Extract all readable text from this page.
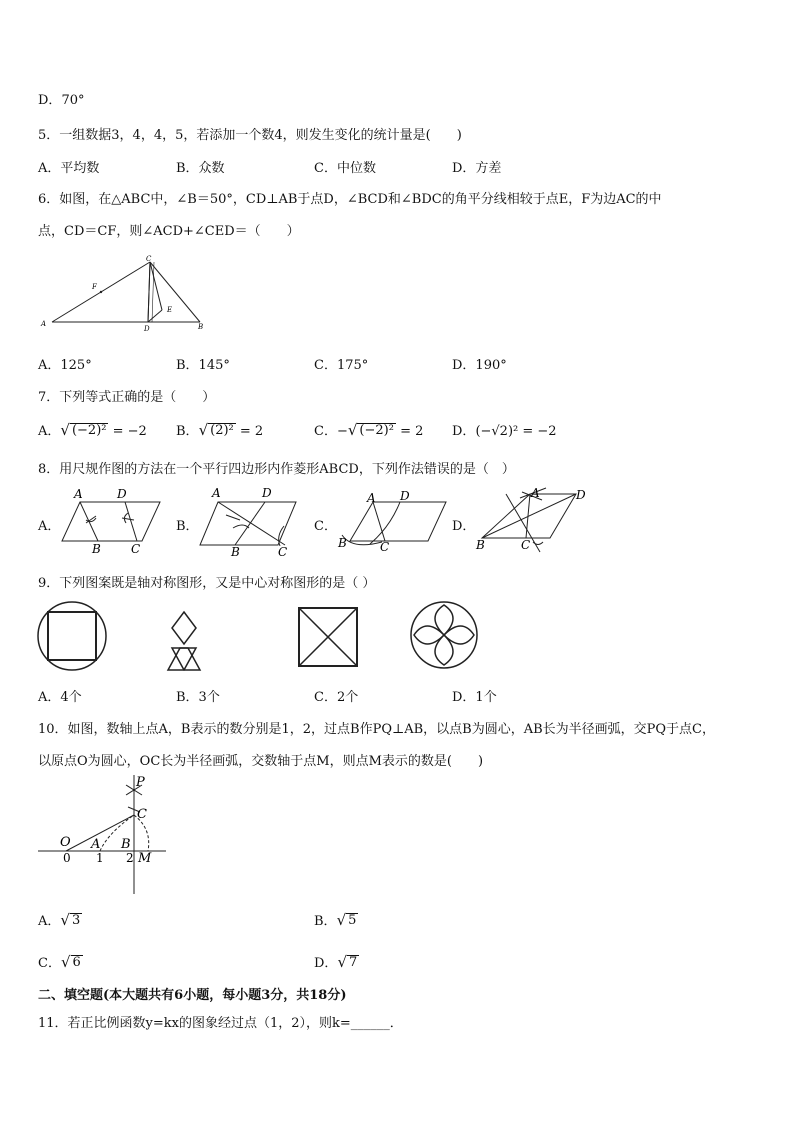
D．70°
5．一组数据3，4，4，5，若添加一个数4，则发生变化的统计量是(　　)
A．平均数	B．众数	C．中位数	D．方差
6．如图，在△ABC中，∠B＝50°，CD⊥AB于点D，∠BCD和∠BDC的角平分线相较于点E，F为边AC的中
点，CD＝CF，则∠ACD+∠CED＝（　　）
C
F
A
D
E
B
A．125°	B．145°	C．175°	D．190°
7．下列等式正确的是（　　）
A． √ (−2)² = −2 B． √ (2)² = 2	C．− √ (−2)² = 2 D．(−√2)² = −2
8．用尺规作图的方法在一个平行四边形内作菱形ABCD，下列作法错误的是（　）
A．	B．	C．	D．
A	D
B	C
A	D
B	C
A D
B	C
A	D
B	C
9．下列图案既是轴对称图形，又是中心对称图形的是（ ）
A．4个	B．3个	C．2个	D．1个
10．如图，数轴上点A，B表示的数分别是1，2，过点B作PQ⊥AB，以点B为圆心，AB长为半径画弧，交PQ于点C，
以原点O为圆心，OC长为半径画弧，交数轴于点M，则点M表示的数是(　　)
P
C
O A B
M
0 1 2
A． √ 3	B． √ 5
C． √ 6	D． √ 7
二、填空题(本大题共有6小题，每小题3分，共18分)
11．若正比例函数y=kx的图象经过点（1，2），则k=______．
